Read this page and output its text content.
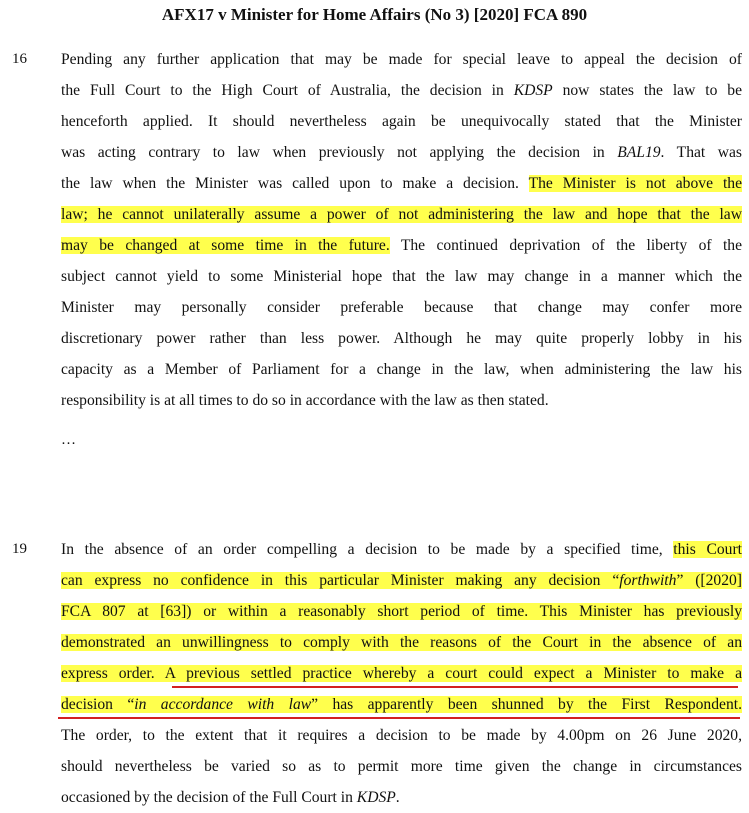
AFX17 v Minister for Home Affairs (No 3) [2020] FCA 890
16 Pending any further application that may be made for special leave to appeal the decision of
the Full Court to the High Court of Australia, the decision in KDSP now states the law to be
henceforth applied. It should nevertheless again be unequivocally stated that the Minister
was acting contrary to law when previously not applying the decision in BAL19. That was
the law when the Minister was called upon to make a decision. The Minister is not above the
law; he cannot unilaterally assume a power of not administering the law and hope that the law
may be changed at some time in the future. The continued deprivation of the liberty of the
subject cannot yield to some Ministerial hope that the law may change in a manner which the
Minister may personally consider preferable because that change may confer more
discretionary power rather than less power. Although he may quite properly lobby in his
capacity as a Member of Parliament for a change in the law, when administering the law his
responsibility is at all times to do so in accordance with the law as then stated.
…
19 In the absence of an order compelling a decision to be made by a specified time, this Court
can express no confidence in this particular Minister making any decision “forthwith” ([2020]
FCA 807 at [63]) or within a reasonably short period of time. This Minister has previously
demonstrated an unwillingness to comply with the reasons of the Court in the absence of an
express order. A previous settled practice whereby a court could expect a Minister to make a
decision “in accordance with law” has apparently been shunned by the First Respondent.
The order, to the extent that it requires a decision to be made by 4.00pm on 26 June 2020,
should nevertheless be varied so as to permit more time given the change in circumstances
occasioned by the decision of the Full Court in KDSP.
